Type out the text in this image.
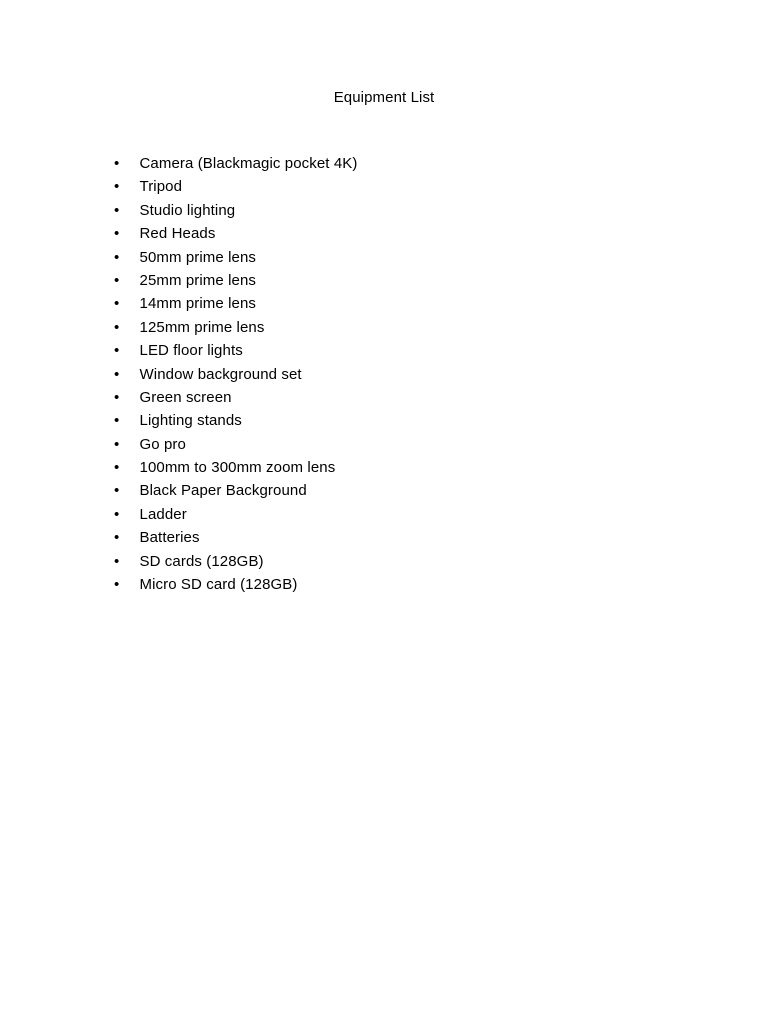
Equipment List
•	Camera (Blackmagic pocket 4K)
•	Tripod
•	Studio lighting
•	Red Heads
•	50mm prime lens
•	25mm prime lens
•	14mm prime lens
•	125mm prime lens
•	LED floor lights
•	Window background set
•	Green screen
•	Lighting stands
•	Go pro
•	100mm to 300mm zoom lens
•	Black Paper Background
•	Ladder
•	Batteries
•	SD cards (128GB)
•	Micro SD card (128GB)
